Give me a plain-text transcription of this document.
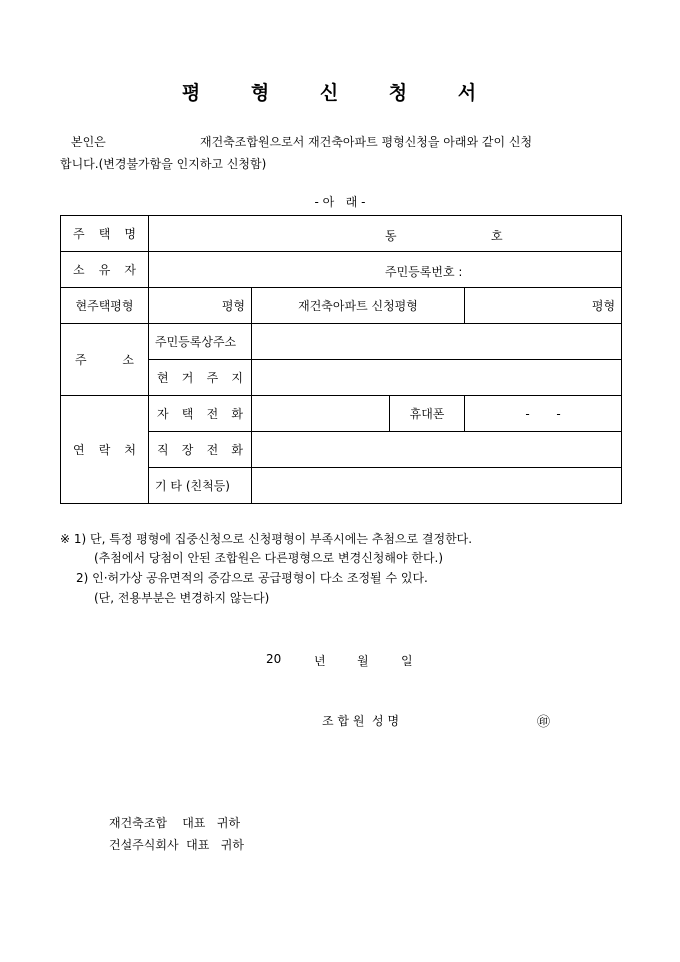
평 형 신 청 서
본인은	재건축조합원으로서 재건축아파트 평형신청을 아래와 같이 신청
합니다.(변경불가함을 인지하고 신청함)
- 아   래 -
주 택 명	동 호			

소 유 자	주민등록번호 :			

현주택평형	평형	재건축아파트 신청평형		평형

주 소	주민등록상주소			

	현 거 주 지			

연 락 처	자 택 전 화		휴대폰	-       -

	직 장 전 화			

	기 타 (친척등)			
※ 1) 단, 특정 평형에 집중신청으로 신청평형이 부족시에는 추첨으로 결정한다.
(추첨에서 당첨이 안된 조합원은 다른평형으로 변경신청해야 한다.)
2) 인·허가상 공유면적의 증감으로 공급평형이 다소 조정될 수 있다.
(단, 전용부분은 변경하지 않는다)
20	년	월	일
조 합 원  성 명	㊞
재건축조합    대표   귀하
건설주식회사  대표   귀하
